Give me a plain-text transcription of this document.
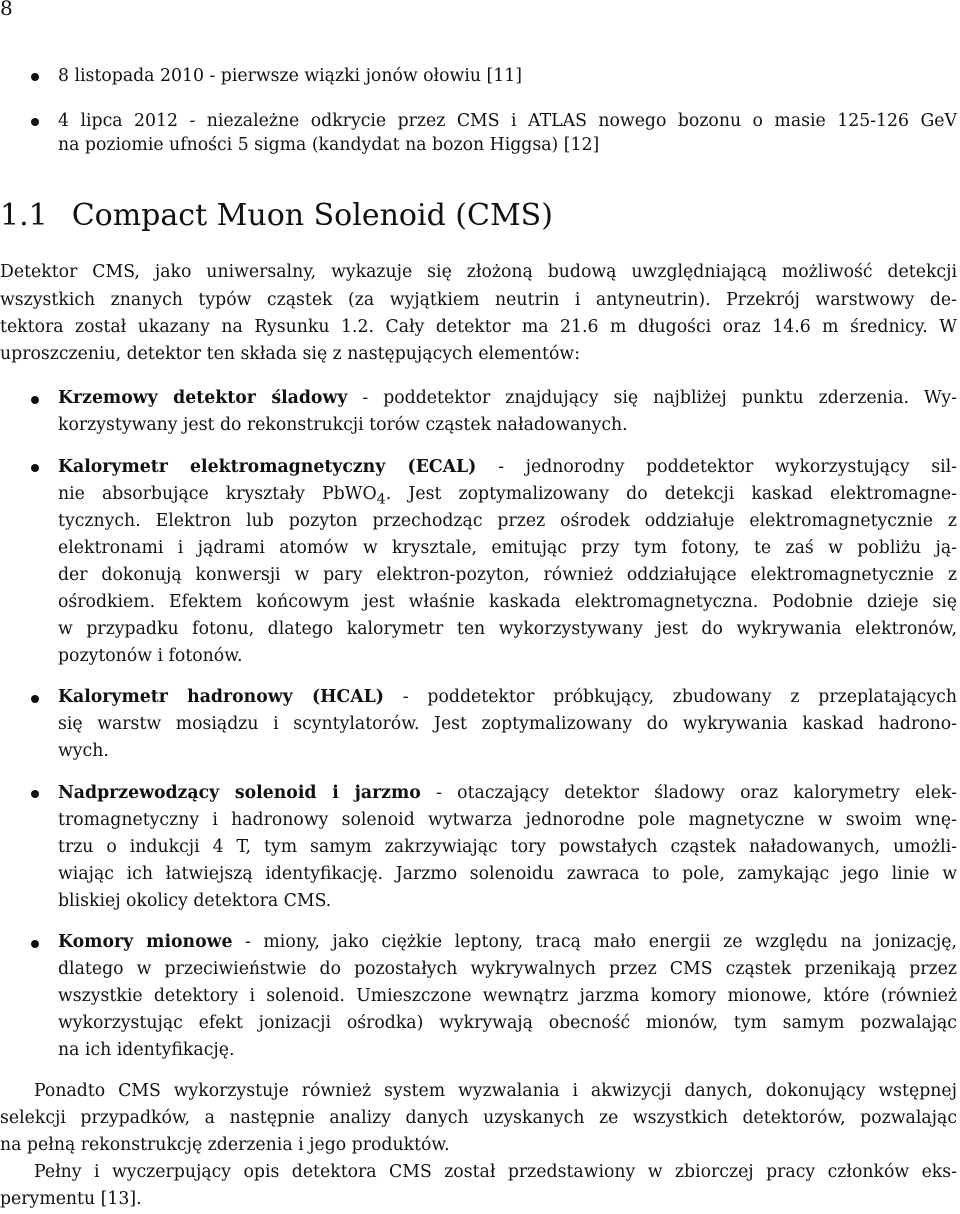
8
8 listopada 2010 - pierwsze wiązki jonów ołowiu [11]
4 lipca 2012 - niezależne odkrycie przez CMS i ATLAS nowego bozonu o masie 125-126 GeV
na poziomie ufności 5 sigma (kandydat na bozon Higgsa) [12]
1.1 Compact Muon Solenoid (CMS)
Detektor CMS, jako uniwersalny, wykazuje się złożoną budową uwzględniającą możliwość detekcji
wszystkich znanych typów cząstek (za wyjątkiem neutrin i antyneutrin). Przekrój warstwowy de-
tektora został ukazany na Rysunku 1.2. Cały detektor ma 21.6 m długości oraz 14.6 m średnicy. W
uproszczeniu, detektor ten składa się z następujących elementów:
Krzemowy detektor śladowy - poddetektor znajdujący się najbliżej punktu zderzenia. Wy-
korzystywany jest do rekonstrukcji torów cząstek naładowanych.
Kalorymetr elektromagnetyczny (ECAL) - jednorodny poddetektor wykorzystujący sil-
nie absorbujące kryształy PbWO$_4$. Jest zoptymalizowany do detekcji kaskad elektromagne-
tycznych. Elektron lub pozyton przechodząc przez ośrodek oddziałuje elektromagnetycznie z
elektronami i jądrami atomów w krysztale, emitując przy tym fotony, te zaś w pobliżu ją-
der dokonują konwersji w pary elektron-pozyton, również oddziałujące elektromagnetycznie z
ośrodkiem. Efektem końcowym jest właśnie kaskada elektromagnetyczna. Podobnie dzieje się
w przypadku fotonu, dlatego kalorymetr ten wykorzystywany jest do wykrywania elektronów,
pozytonów i fotonów.
Kalorymetr hadronowy (HCAL) - poddetektor próbkujący, zbudowany z przeplatających
się warstw mosiądzu i scyntylatorów. Jest zoptymalizowany do wykrywania kaskad hadrono-
wych.
Nadprzewodzący solenoid i jarzmo - otaczający detektor śladowy oraz kalorymetry elek-
tromagnetyczny i hadronowy solenoid wytwarza jednorodne pole magnetyczne w swoim wnę-
trzu o indukcji 4 T, tym samym zakrzywiając tory powstałych cząstek naładowanych, umożli-
wiając ich łatwiejszą identyfikację. Jarzmo solenoidu zawraca to pole, zamykając jego linie w
bliskiej okolicy detektora CMS.
Komory mionowe - miony, jako ciężkie leptony, tracą mało energii ze względu na jonizację,
dlatego w przeciwieństwie do pozostałych wykrywalnych przez CMS cząstek przenikają przez
wszystkie detektory i solenoid. Umieszczone wewnątrz jarzma komory mionowe, które (również
wykorzystując efekt jonizacji ośrodka) wykrywają obecność mionów, tym samym pozwalając
na ich identyfikację.
Ponadto CMS wykorzystuje również system wyzwalania i akwizycji danych, dokonujący wstępnej
selekcji przypadków, a następnie analizy danych uzyskanych ze wszystkich detektorów, pozwalając
na pełną rekonstrukcję zderzenia i jego produktów.
Pełny i wyczerpujący opis detektora CMS został przedstawiony w zbiorczej pracy członków eks-
perymentu [13].
